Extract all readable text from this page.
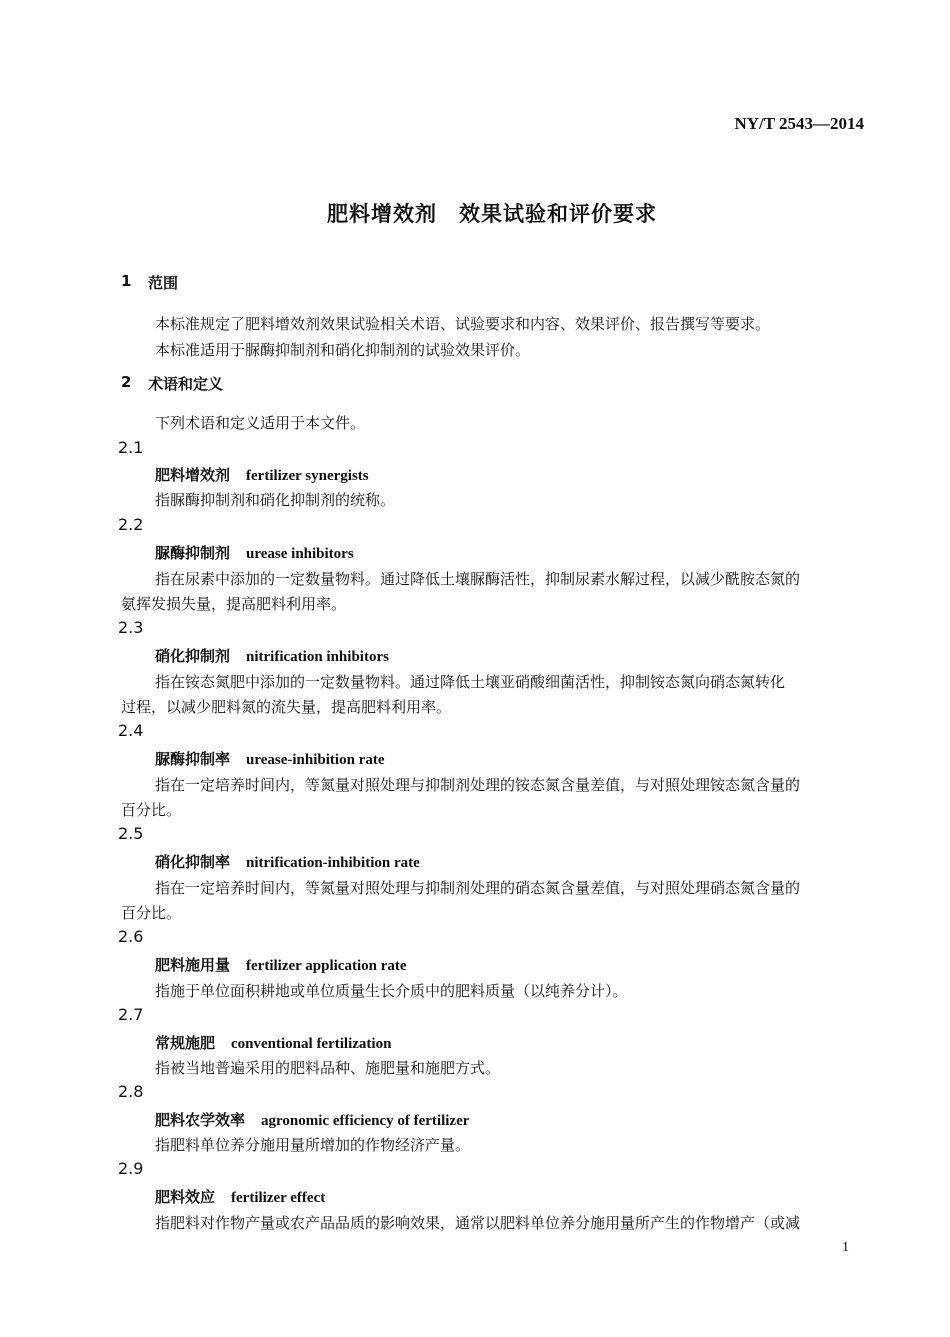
NY/T 2543—2014
肥料增效剂　效果试验和评价要求
1 范围
本标准规定了肥料增效剂效果试验相关术语、试验要求和内容、效果评价、报告撰写等要求。
本标准适用于脲酶抑制剂和硝化抑制剂的试验效果评价。
2 术语和定义
下列术语和定义适用于本文件。
2.1
肥料增效剂 fertilizer synergists
指脲酶抑制剂和硝化抑制剂的统称。
2.2
脲酶抑制剂 urease inhibitors
指在尿素中添加的一定数量物料。通过降低土壤脲酶活性，抑制尿素水解过程，以减少酰胺态氮的
氨挥发损失量，提高肥料利用率。
2.3
硝化抑制剂 nitrification inhibitors
指在铵态氮肥中添加的一定数量物料。通过降低土壤亚硝酸细菌活性，抑制铵态氮向硝态氮转化
过程，以减少肥料氮的流失量，提高肥料利用率。
2.4
脲酶抑制率 urease-inhibition rate
指在一定培养时间内，等氮量对照处理与抑制剂处理的铵态氮含量差值，与对照处理铵态氮含量的
百分比。
2.5
硝化抑制率 nitrification-inhibition rate
指在一定培养时间内，等氮量对照处理与抑制剂处理的硝态氮含量差值，与对照处理硝态氮含量的
百分比。
2.6
肥料施用量 fertilizer application rate
指施于单位面积耕地或单位质量生长介质中的肥料质量（以纯养分计）。
2.7
常规施肥 conventional fertilization
指被当地普遍采用的肥料品种、施肥量和施肥方式。
2.8
肥料农学效率 agronomic efficiency of fertilizer
指肥料单位养分施用量所增加的作物经济产量。
2.9
肥料效应 fertilizer effect
指肥料对作物产量或农产品品质的影响效果，通常以肥料单位养分施用量所产生的作物增产（或减
1
